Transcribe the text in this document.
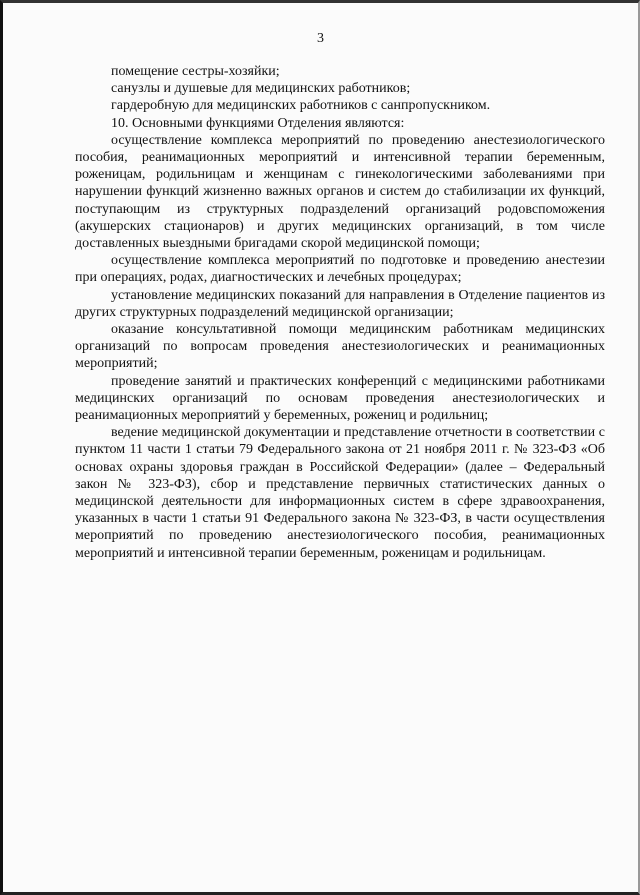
3

помещение сестры-хозяйки;

санузлы и душевые для медицинских работников;

гардеробную для медицинских работников с санпропускником.

10. Основными функциями Отделения являются:

осуществление комплекса мероприятий по проведению анестезиологического пособия, реанимационных мероприятий и интенсивной терапии беременным, роженицам, родильницам и женщинам с гинекологическими заболеваниями при нарушении функций жизненно важных органов и систем до стабилизации их функций, поступающим из структурных подразделений организаций родовспоможения (акушерских стационаров) и других медицинских организаций, в том числе доставленных выездными бригадами скорой медицинской помощи;

осуществление комплекса мероприятий по подготовке и проведению анестезии при операциях, родах, диагностических и лечебных процедурах;

установление медицинских показаний для направления в Отделение пациентов из других структурных подразделений медицинской организации;

оказание консультативной помощи медицинским работникам медицинских организаций по вопросам проведения анестезиологических и реанимационных мероприятий;

проведение занятий и практических конференций с медицинскими работниками медицинских организаций по основам проведения анестезиологических и реанимационных мероприятий у беременных, рожениц и родильниц;

ведение медицинской документации и представление отчетности в соответствии с пунктом 11 части 1 статьи 79 Федерального закона от 21 ноября 2011 г. № 323-ФЗ «Об основах охраны здоровья граждан в Российской Федерации» (далее – Федеральный закон № 323-ФЗ), сбор и представление первичных статистических данных о медицинской деятельности для информационных систем в сфере здравоохранения, указанных в части 1 статьи 91 Федерального закона № 323-ФЗ, в части осуществления мероприятий по проведению анестезиологического пособия, реанимационных мероприятий и интенсивной терапии беременным, роженицам и родильницам.
